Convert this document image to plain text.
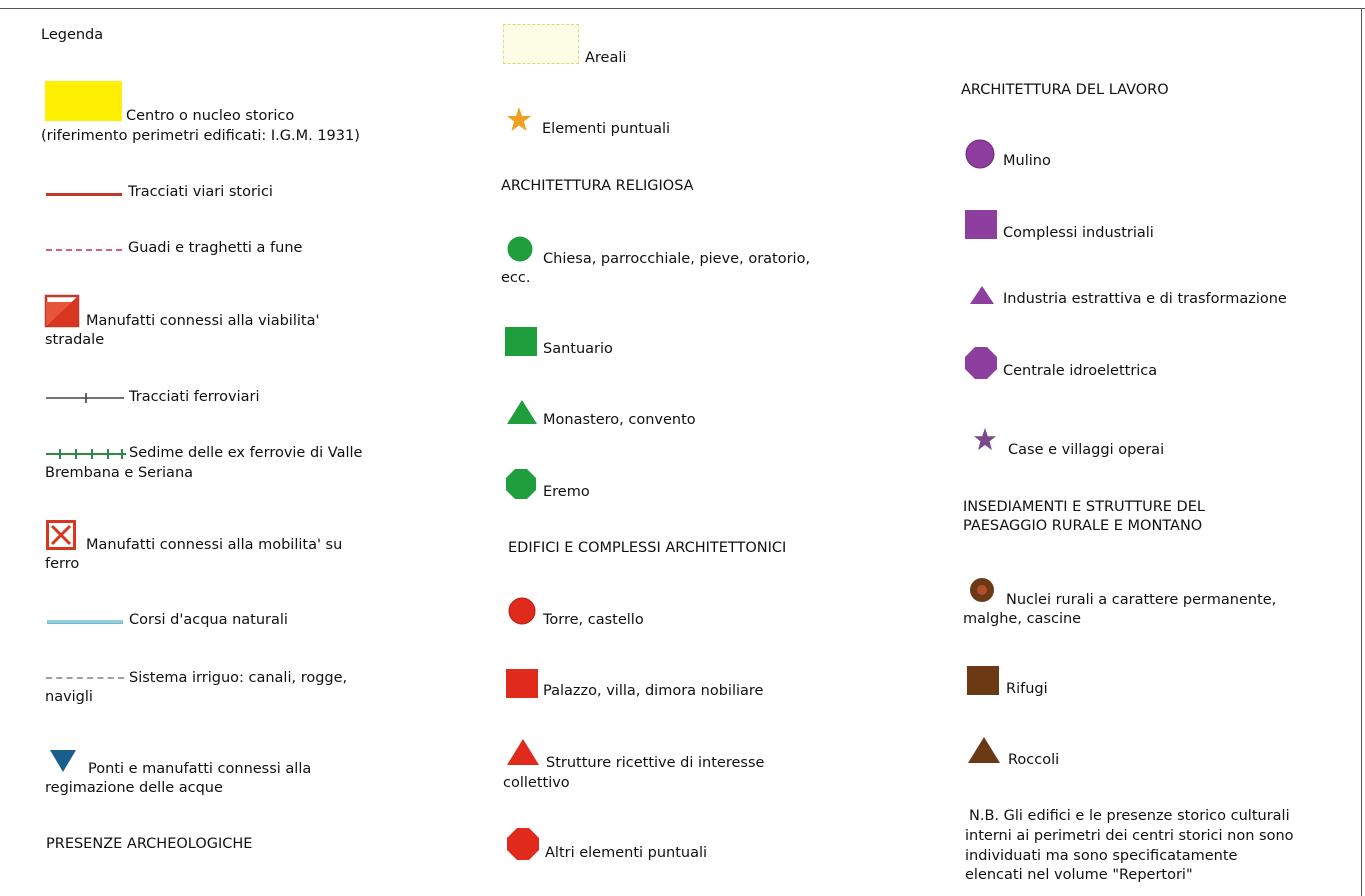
Legenda
Centro o nucleo storico
(riferimento perimetri edificati: I.G.M. 1931)
Tracciati viari storici
Guadi e traghetti a fune
Manufatti connessi alla viabilita'
stradale
Tracciati ferroviari
Sedime delle ex ferrovie di Valle
Brembana e Seriana
Manufatti connessi alla mobilita' su
ferro
Corsi d'acqua naturali
Sistema irriguo: canali, rogge,
navigli
Ponti e manufatti connessi alla
regimazione delle acque
PRESENZE ARCHEOLOGICHE
Areali
Elementi puntuali
ARCHITETTURA RELIGIOSA
Chiesa, parrocchiale, pieve, oratorio,
ecc.
Santuario
Monastero, convento
Eremo
EDIFICI E COMPLESSI ARCHITETTONICI
Torre, castello
Palazzo, villa, dimora nobiliare
Strutture ricettive di interesse
collettivo
Altri elementi puntuali
ARCHITETTURA DEL LAVORO
Mulino
Complessi industriali
Industria estrattiva e di trasformazione
Centrale idroelettrica
Case e villaggi operai
INSEDIAMENTI E STRUTTURE DEL
PAESAGGIO RURALE E MONTANO
Nuclei rurali a carattere permanente,
malghe, cascine
Rifugi
Roccoli
N.B. Gli edifici e le presenze storico culturali
interni ai perimetri dei centri storici non sono
individuati ma sono specificatamente
elencati nel volume "Repertori"
